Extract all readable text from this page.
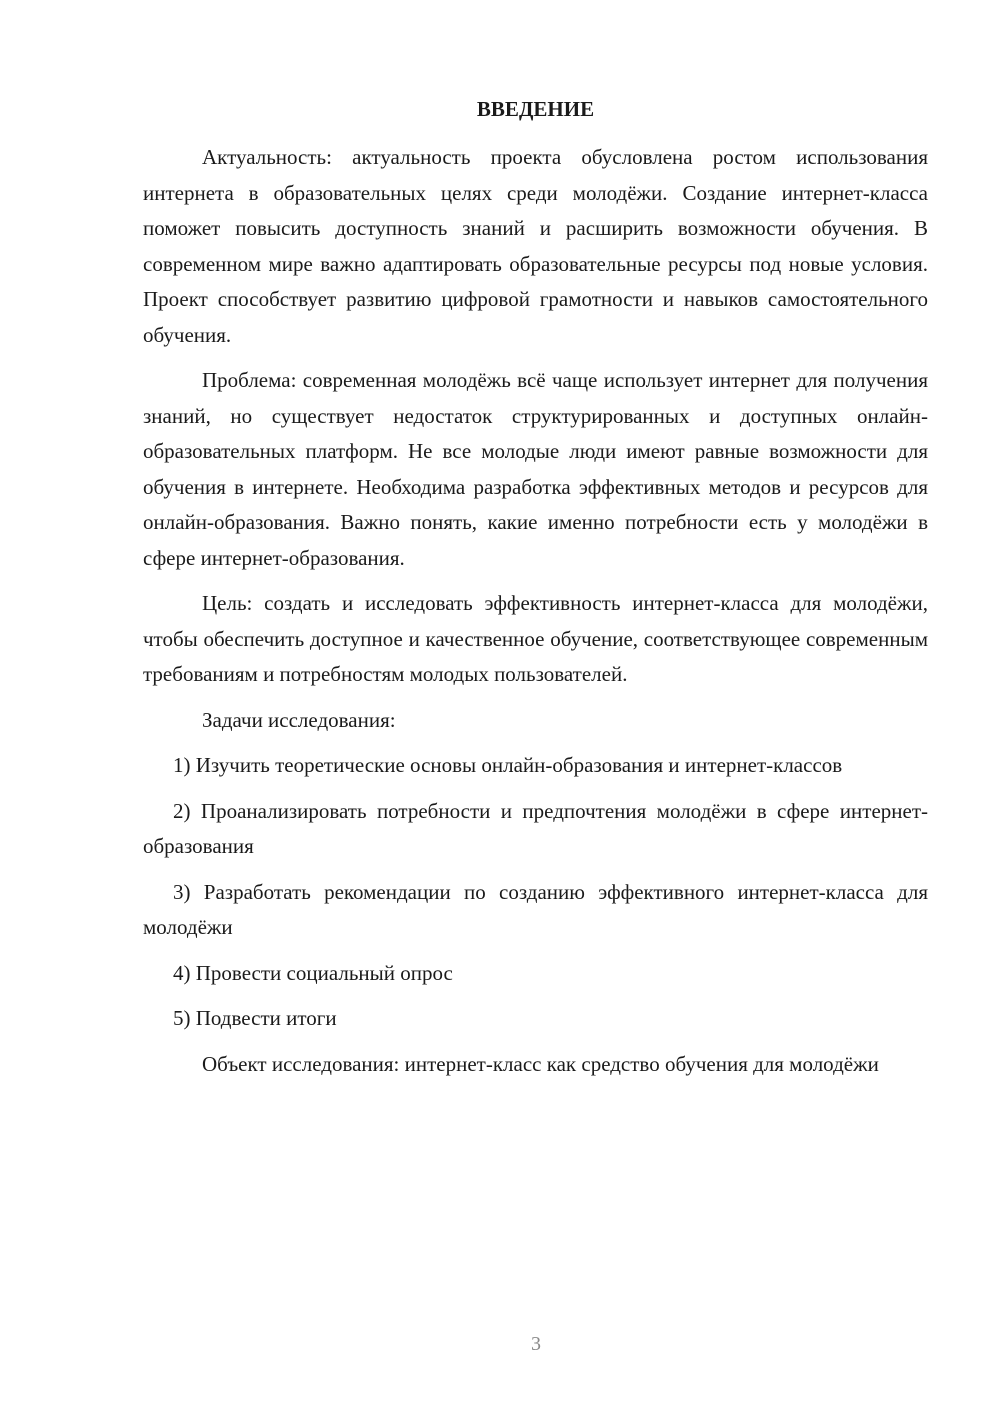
ВВЕДЕНИЕ

Актуальность: актуальность проекта обусловлена ростом использования интернета в образовательных целях среди молодёжи. Создание интернет-класса поможет повысить доступность знаний и расширить возможности обучения. В современном мире важно адаптировать образовательные ресурсы под новые условия. Проект способствует развитию цифровой грамотности и навыков самостоятельного обучения.

Проблема: современная молодёжь всё чаще использует интернет для получения знаний, но существует недостаток структурированных и доступных онлайн-образовательных платформ. Не все молодые люди имеют равные возможности для обучения в интернете. Необходима разработка эффективных методов и ресурсов для онлайн-образования. Важно понять, какие именно потребности есть у молодёжи в сфере интернет-образования.

Цель: создать и исследовать эффективность интернет-класса для молодёжи, чтобы обеспечить доступное и качественное обучение, соответствующее современным требованиям и потребностям молодых пользователей.

Задачи исследования:

1) Изучить теоретические основы онлайн-образования и интернет-классов

2) Проанализировать потребности и предпочтения молодёжи в сфере интернет-образования

3) Разработать рекомендации по созданию эффективного интернет-класса для молодёжи

4) Провести социальный опрос

5) Подвести итоги

Объект исследования: интернет-класс как средство обучения для молодёжи

3
